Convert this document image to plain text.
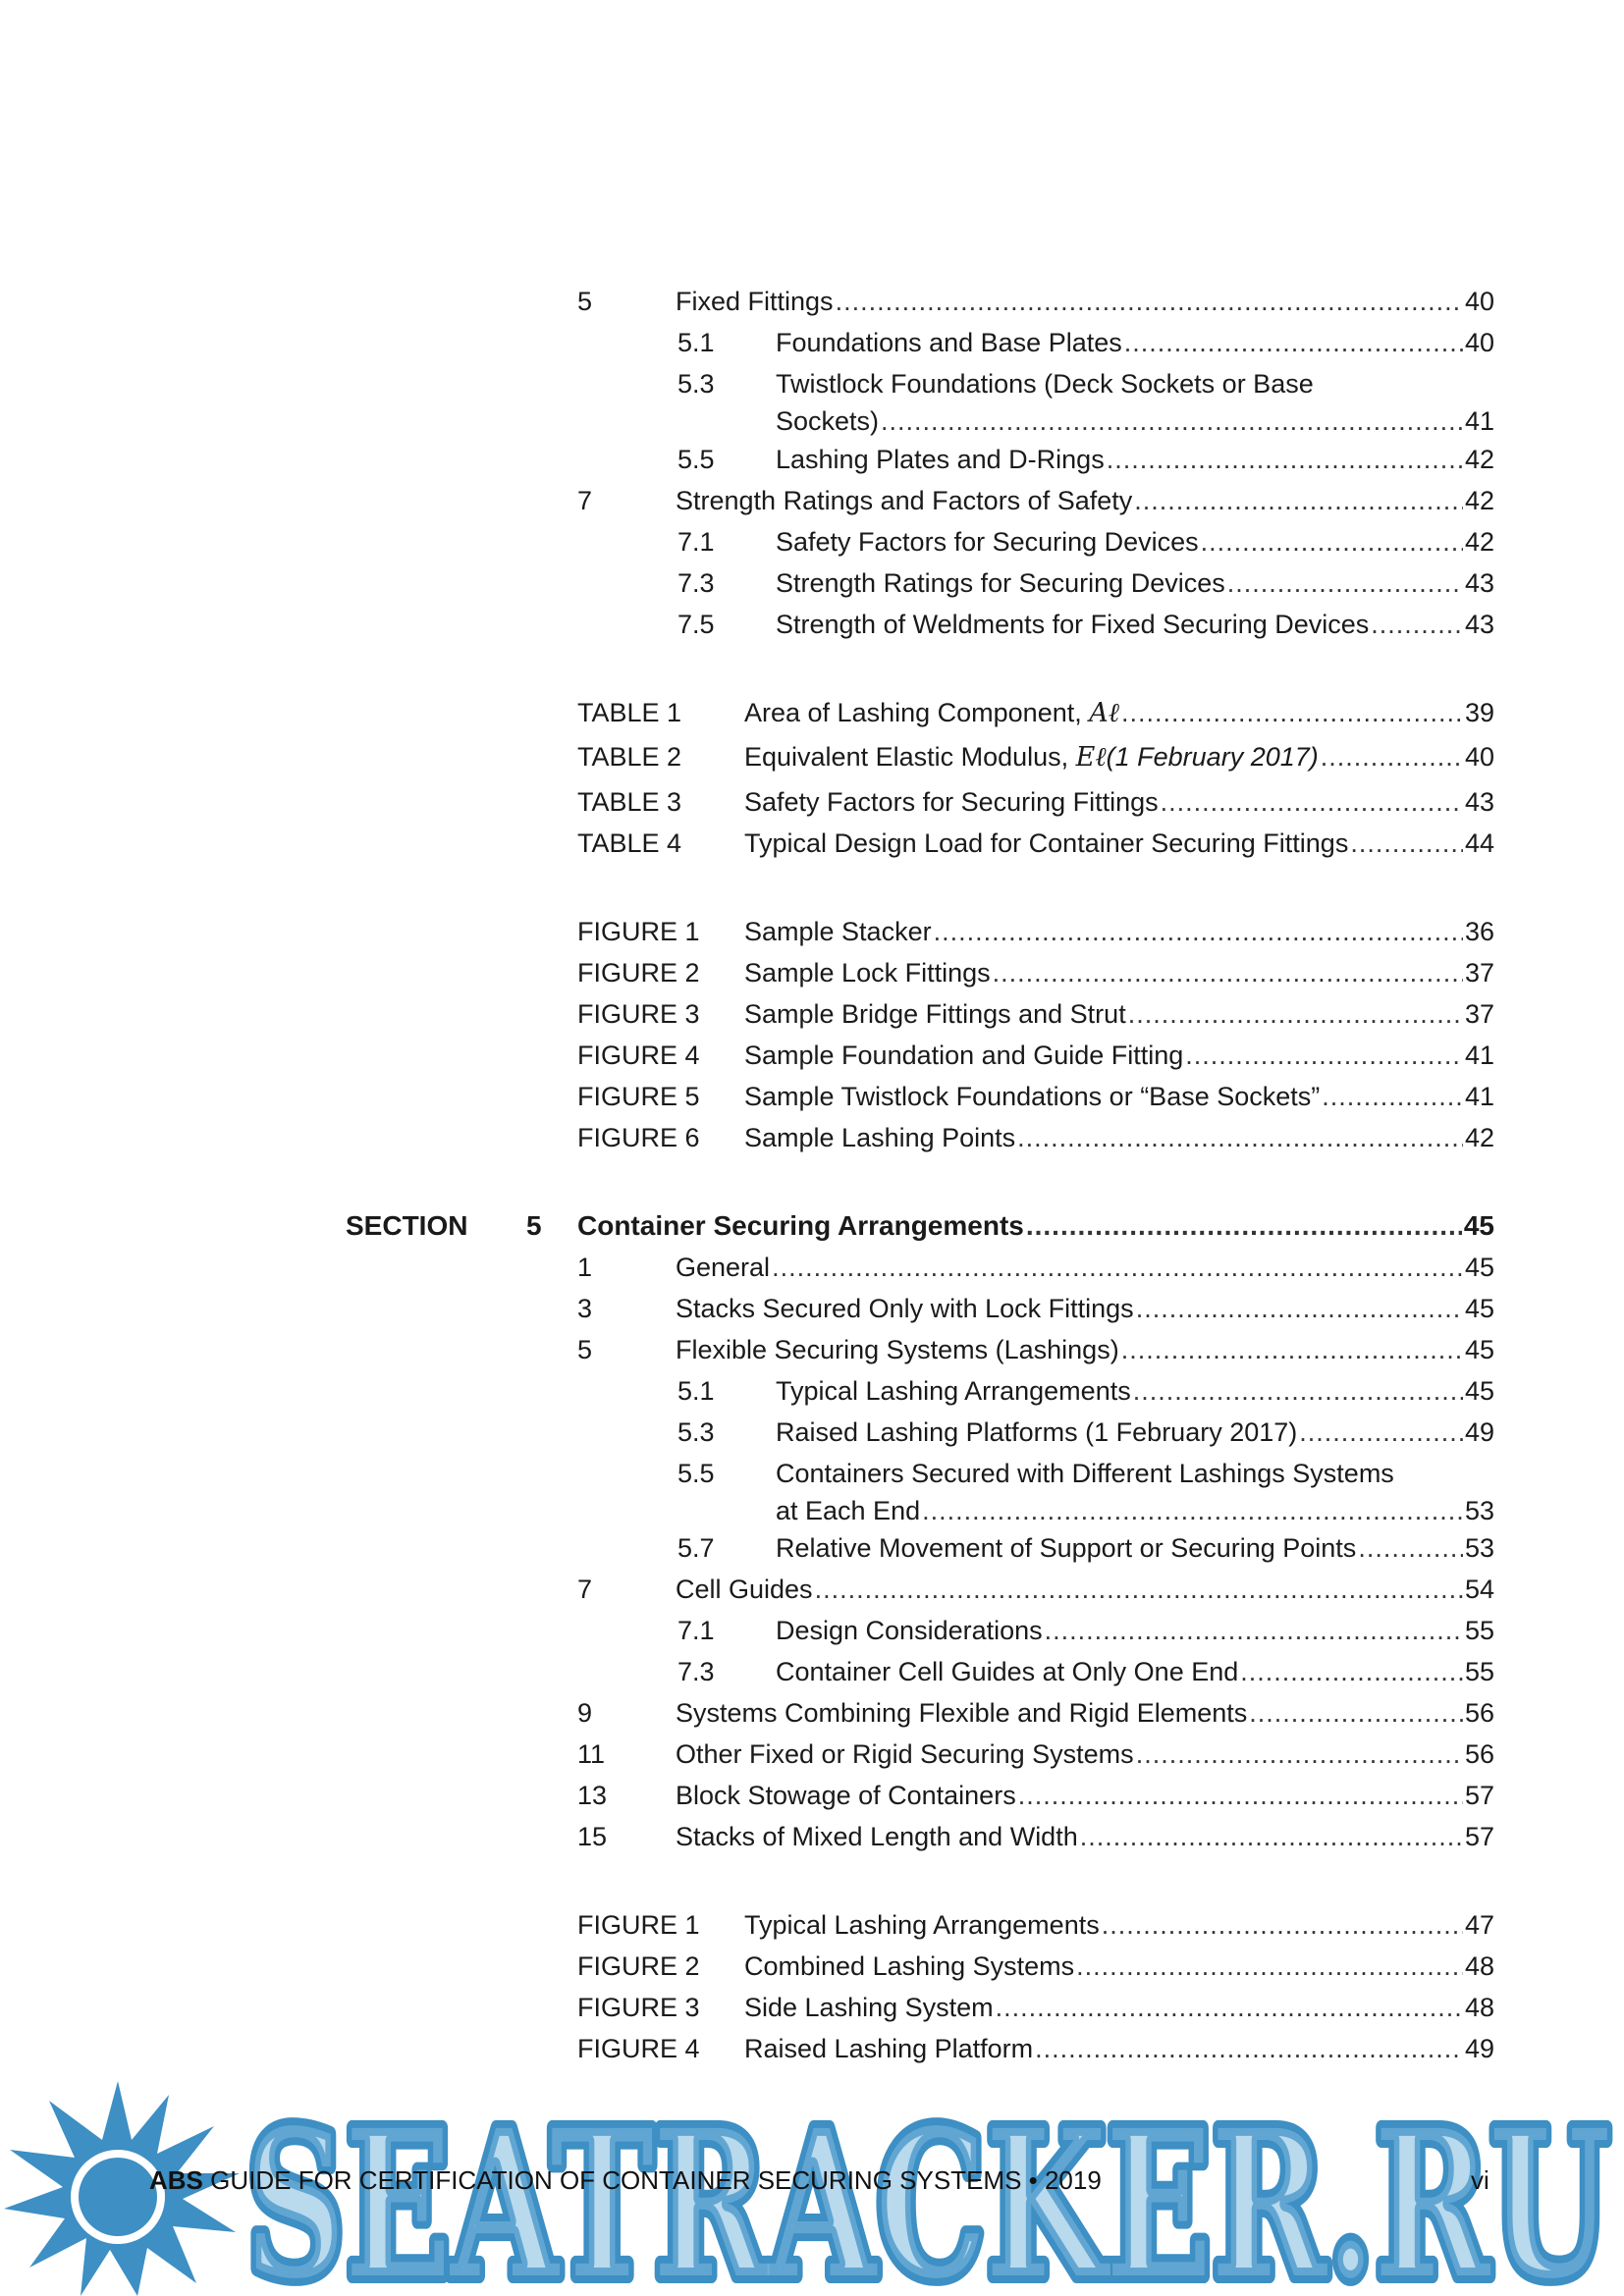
5	Fixed Fittings .....	40
5.1 Foundations and Base Plates .....	40
5.3 Twistlock Foundations (Deck Sockets or Base
Sockets) .....	41
5.5 Lashing Plates and D-Rings .....	42
7	Strength Ratings and Factors of Safety .....	42
7.1 Safety Factors for Securing Devices .....	42
7.3 Strength Ratings for Securing Devices .....	43
7.5 Strength of Weldments for Fixed Securing Devices .....	43
TABLE 1 Area of Lashing Component, Aℓ .....	39
TABLE 2 Equivalent Elastic Modulus, Eℓ(1 February 2017) .....	40
TABLE 3 Safety Factors for Securing Fittings .....	43
TABLE 4 Typical Design Load for Container Securing Fittings .....	44
FIGURE 1 Sample Stacker .....	36
FIGURE 2 Sample Lock Fittings .....	37
FIGURE 3 Sample Bridge Fittings and Strut .....	37
FIGURE 4 Sample Foundation and Guide Fitting .....	41
FIGURE 5 Sample Twistlock Foundations or “Base Sockets” .....	41
FIGURE 6 Sample Lashing Points .....	42
SECTION 5 Container Securing Arrangements .....	45
1	General .....	45
3	Stacks Secured Only with Lock Fittings .....	45
5	Flexible Securing Systems (Lashings) .....	45
5.1 Typical Lashing Arrangements .....	45
5.3 Raised Lashing Platforms (1 February 2017) .....	49
5.5 Containers Secured with Different Lashings Systems
at Each End .....	53
5.7 Relative Movement of Support or Securing Points .....	53
7	Cell Guides .....	54
7.1 Design Considerations .....	55
7.3 Container Cell Guides at Only One End .....	55
9	Systems Combining Flexible and Rigid Elements .....	56
11	Other Fixed or Rigid Securing Systems .....	56
13	Block Stowage of Containers .....	57
15	Stacks of Mixed Length and Width .....	57
FIGURE 1 Typical Lashing Arrangements .....	47
FIGURE 2 Combined Lashing Systems .....	48
FIGURE 3 Side Lashing System .....	48
FIGURE 4 Raised Lashing Platform .....	49
SEATRACKER.RU
SEATRACKER.RU
ABS GUIDE FOR CERTIFICATION OF CONTAINER SECURING SYSTEMS • 2019	vi
